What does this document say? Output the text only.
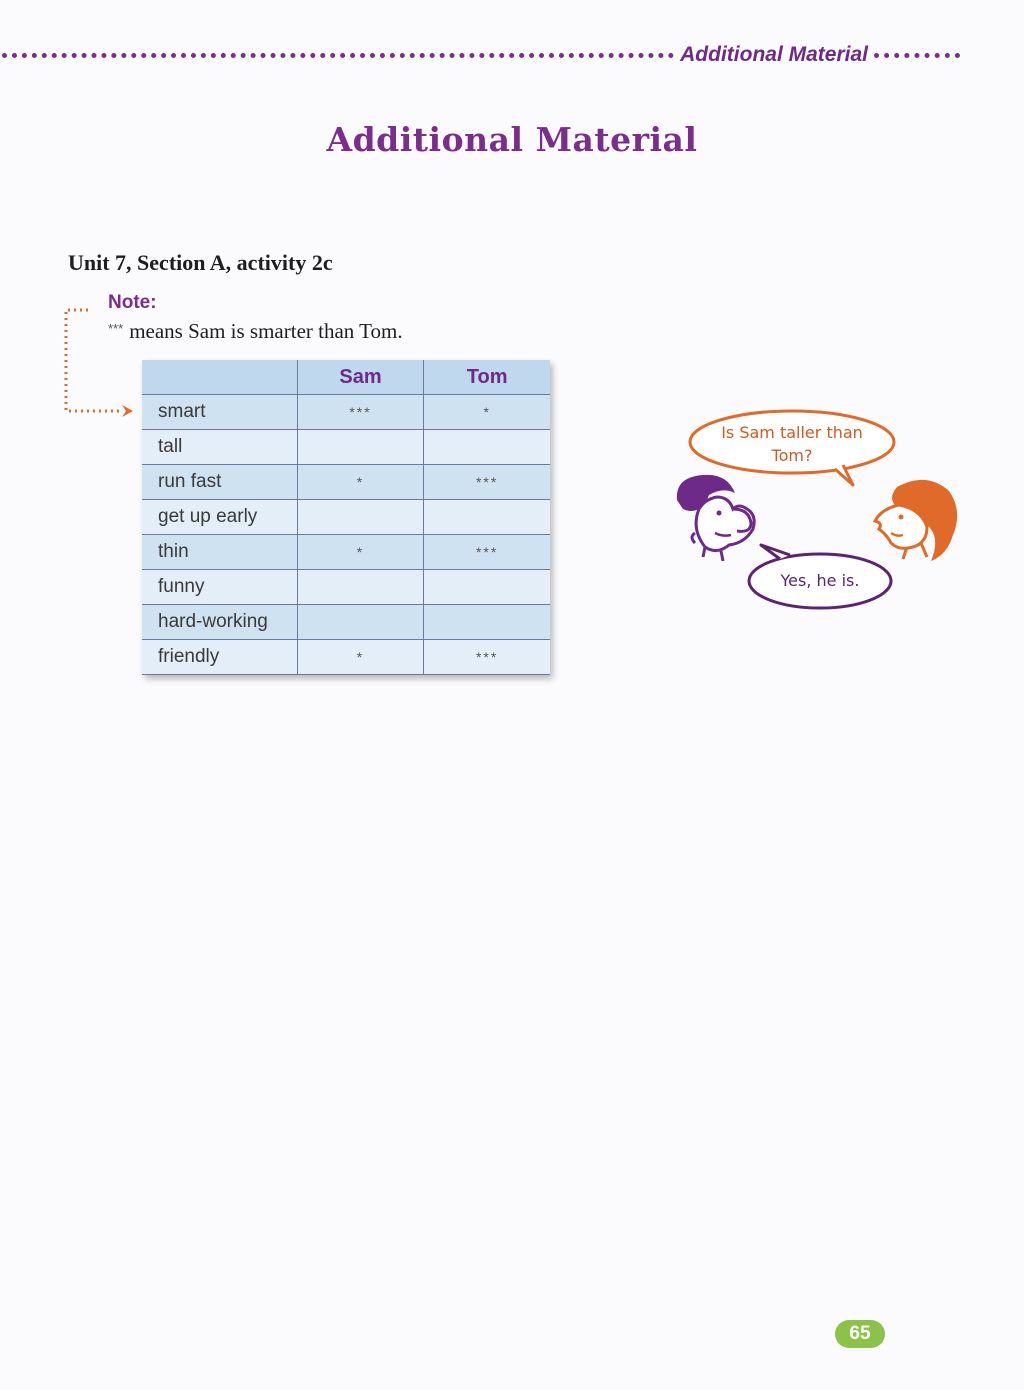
Additional Material
Additional Material
Unit 7, Section A, activity 2c
Note:
*** means Sam is smarter than Tom.
	Sam	Tom
smart	***	*
tall		
run fast	*	***
get up early		
thin	*	***
funny		
hard-working		
friendly	*	***
Is Sam taller than Tom?
Yes, he is.
65
